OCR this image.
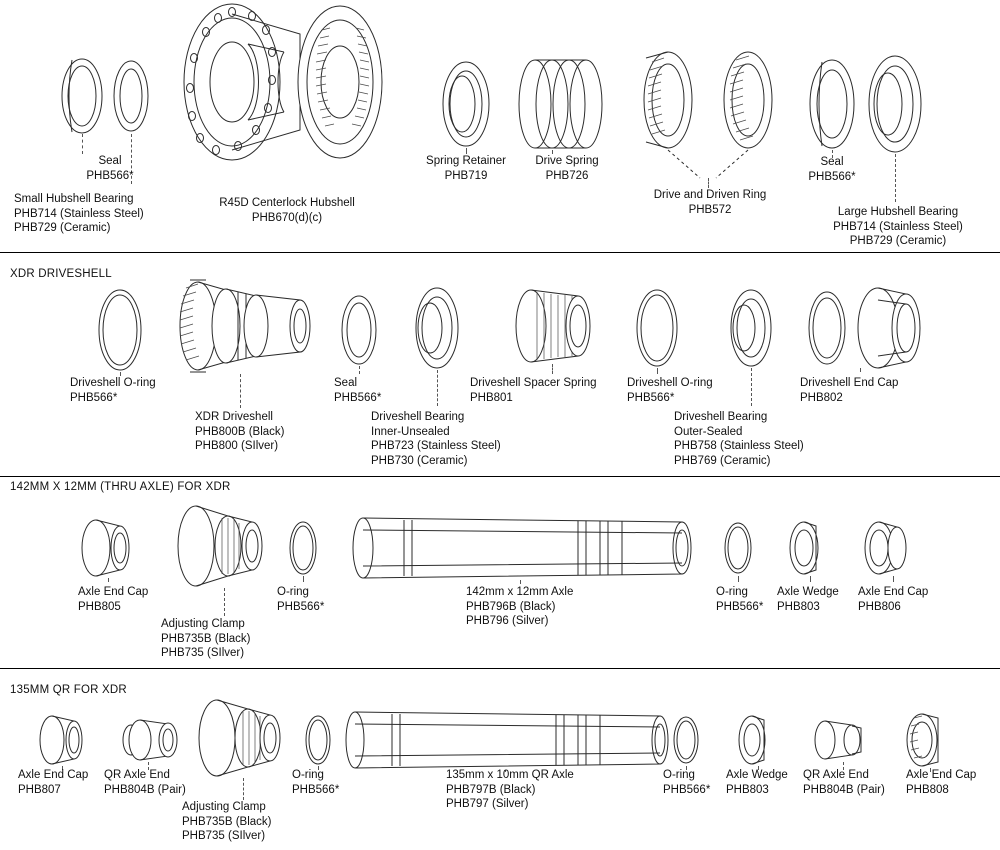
XDR DRIVESHELL
142MM X 12MM (THRU AXLE) FOR XDR
135MM QR FOR XDR
Seal
PHB566*
Small Hubshell Bearing
PHB714 (Stainless Steel)
PHB729 (Ceramic)
R45D Centerlock Hubshell
PHB670(d)(c)
Spring Retainer
PHB719
Drive Spring
PHB726
Drive and Driven Ring
PHB572
Seal
PHB566*
Large Hubshell Bearing
PHB714 (Stainless Steel)
PHB729 (Ceramic)
Driveshell O-ring
PHB566*
XDR Driveshell
PHB800B (Black)
PHB800 (SIlver)
Seal
PHB566*
Driveshell Bearing
Inner-Unsealed
PHB723 (Stainless Steel)
PHB730 (Ceramic)
Driveshell Spacer Spring
PHB801
Driveshell O-ring
PHB566*
Driveshell Bearing
Outer-Sealed
PHB758 (Stainless Steel)
PHB769 (Ceramic)
Driveshell End Cap
PHB802
Axle End Cap
PHB805
Adjusting Clamp
PHB735B (Black)
PHB735 (SIlver)
O-ring
PHB566*
142mm x 12mm Axle
PHB796B (Black)
PHB796 (Silver)
O-ring
PHB566*
Axle Wedge
PHB803
Axle End Cap
PHB806
Axle End Cap
PHB807
QR Axle End
PHB804B (Pair)
Adjusting Clamp
PHB735B (Black)
PHB735 (SIlver)
O-ring
PHB566*
135mm x 10mm QR Axle
PHB797B (Black)
PHB797 (Silver)
O-ring
PHB566*
Axle Wedge
PHB803
QR Axle End
PHB804B (Pair)
Axle End Cap
PHB808
